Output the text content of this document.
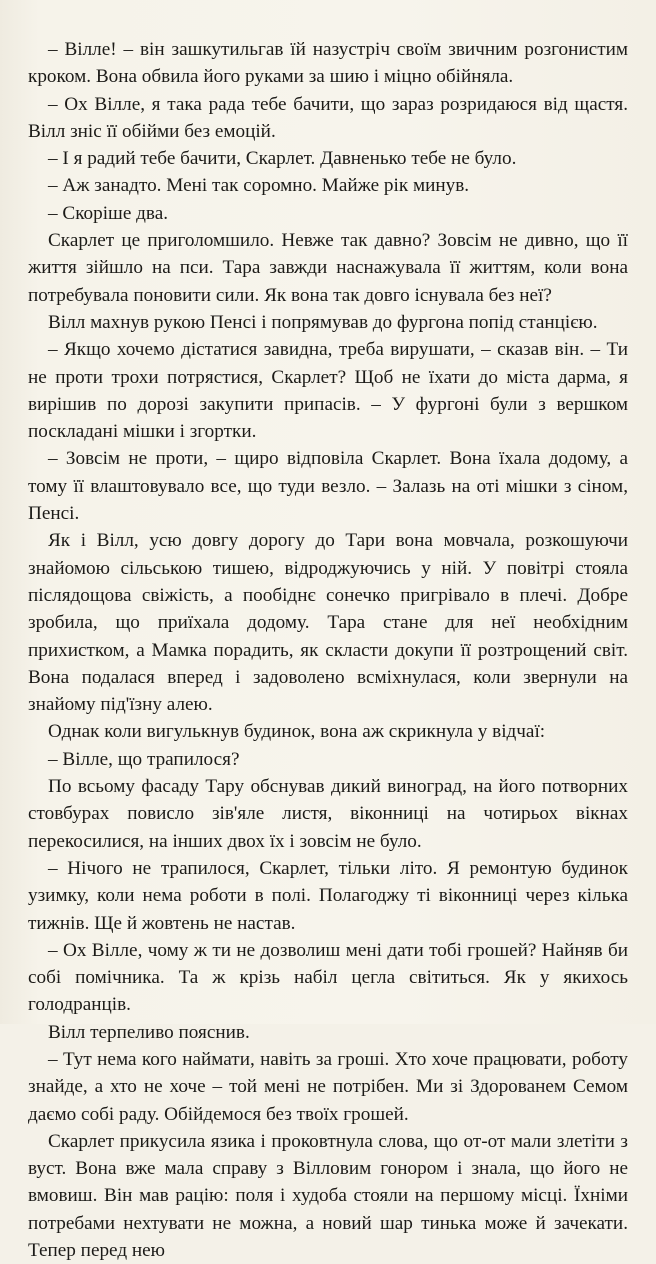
– Вілле! – він зашкутильгав їй назустріч своїм звичним розгонистим кроком. Вона обвила його руками за шию і міцно обійняла.

– Ох Вілле, я така рада тебе бачити, що зараз розридаюся від щастя. Вілл зніс її обійми без емоцій.

– І я радий тебе бачити, Скарлет. Давненько тебе не було.

– Аж занадто. Мені так соромно. Майже рік минув.

– Скоріше два.

Скарлет це приголомшило. Невже так давно? Зовсім не дивно, що її життя зійшло на пси. Тара завжди наснажувала її життям, коли вона потребувала поновити сили. Як вона так довго існувала без неї?

Вілл махнув рукою Пенсі і попрямував до фургона попід станцією.

– Якщо хочемо дістатися завидна, треба вирушати, – сказав він. – Ти не проти трохи потрястися, Скарлет? Щоб не їхати до міста дарма, я вирішив по дорозі закупити припасів. – У фургоні були з вершком поскладані мішки і згортки.

– Зовсім не проти, – щиро відповіла Скарлет. Вона їхала додому, а тому її влаштовувало все, що туди везло. – Залазь на оті мішки з сіном, Пенсі.

Як і Вілл, усю довгу дорогу до Тари вона мовчала, розкошуючи знайомою сільською тишею, відроджуючись у ній. У повітрі стояла післядощова свіжість, а пообіднє сонечко пригрівало в плечі. Добре зробила, що приїхала додому. Тара стане для неї необхідним прихистком, а Мамка порадить, як скласти докупи її розтрощений світ. Вона подалася вперед і задоволено всміхнулася, коли звернули на знайому під'їзну алею.

Однак коли вигулькнув будинок, вона аж скрикнула у відчаї:

– Вілле, що трапилося?

По всьому фасаду Тару обснував дикий виноград, на його потворних стовбурах повисло зів'яле листя, віконниці на чотирьох вікнах перекосилися, на інших двох їх і зовсім не було.

– Нічого не трапилося, Скарлет, тільки літо. Я ремонтую будинок узимку, коли нема роботи в полі. Полагоджу ті віконниці через кілька тижнів. Ще й жовтень не настав.

– Ох Вілле, чому ж ти не дозволиш мені дати тобі грошей? Найняв би собі помічника. Та ж крізь набіл цегла світиться. Як у якихось голодранців.

Вілл терпеливо пояснив.

– Тут нема кого наймати, навіть за гроші. Хто хоче працювати, роботу знайде, а хто не хоче – той мені не потрібен. Ми зі Здорованем Семом даємо собі раду. Обійдемося без твоїх грошей.

Скарлет прикусила язика і проковтнула слова, що от-от мали злетіти з вуст. Вона вже мала справу з Вілловим гонором і знала, що його не вмовиш. Він мав рацію: поля і худоба стояли на першому місці. Їхніми потребами нехтувати не можна, а новий шар тинька може й зачекати. Тепер перед нею
